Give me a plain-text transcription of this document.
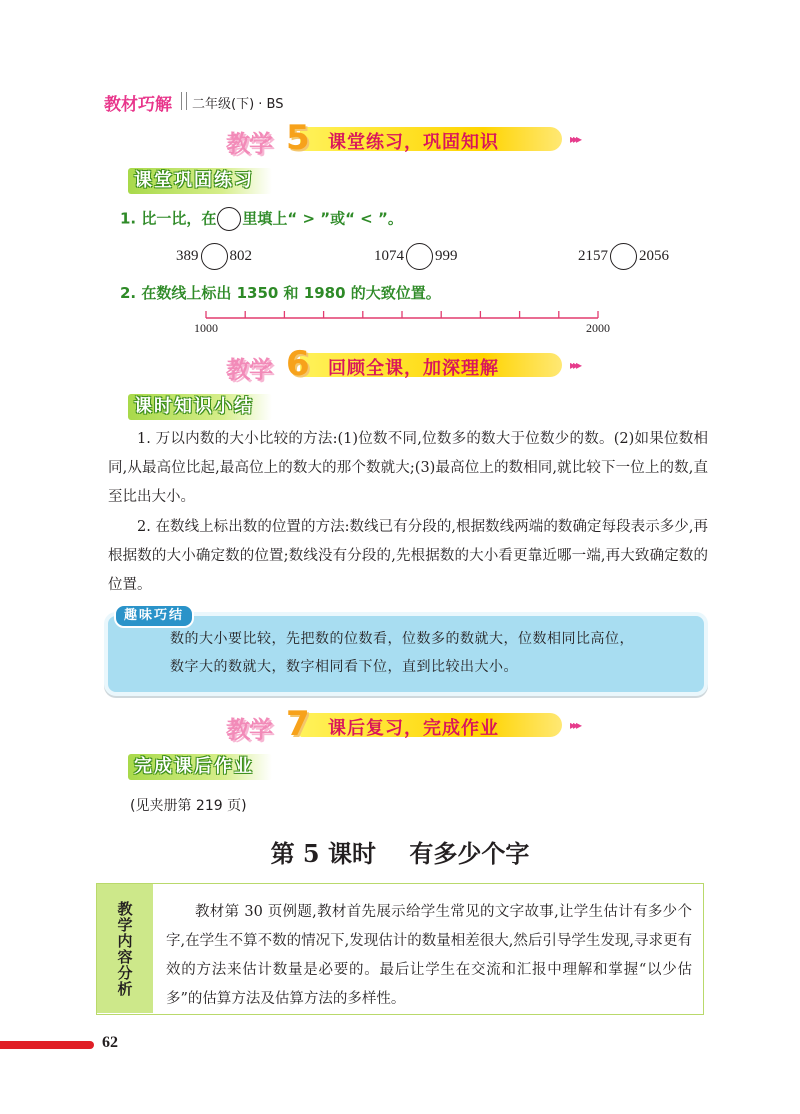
教材巧解 二年级(下) · BS
教学 5 课堂练习，巩固知识	▸▸▸
课堂巩固练习
1. 比一比，在 里填上“ > ”或“ < ”。
389 802	1074 999	2157 2056
2. 在数线上标出 1350 和 1980 的大致位置。
1000	2000
教学 6 回顾全课，加深理解	▸▸▸
课时知识小结
1. 万以内数的大小比较的方法:(1)位数不同,位数多的数大于位数少的数。(2)如果位数相同,从最高位比起,最高位上的数大的那个数就大;(3)最高位上的数相同,就比较下一位上的数,直至比出大小。
2. 在数线上标出数的位置的方法:数线已有分段的,根据数线两端的数确定每段表示多少,再根据数的大小确定数的位置;数线没有分段的,先根据数的大小看更靠近哪一端,再大致确定数的位置。
趣味巧结
数的大小要比较，先把数的位数看，位数多的数就大，位数相同比高位，
数字大的数就大，数字相同看下位，直到比较出大小。
教学 7 课后复习，完成作业	▸▸▸
完成课后作业
(见夹册第 219 页)
第 5 课时    有多少个字
教学内容分析	教材第 30 页例题,教材首先展示给学生常见的文字故事,让学生估计有多少个字,在学生不算不数的情况下,发现估计的数量相差很大,然后引导学生发现,寻求更有效的方法来估计数量是必要的。最后让学生在交流和汇报中理解和掌握“以少估多”的估算方法及估算方法的多样性。
62
